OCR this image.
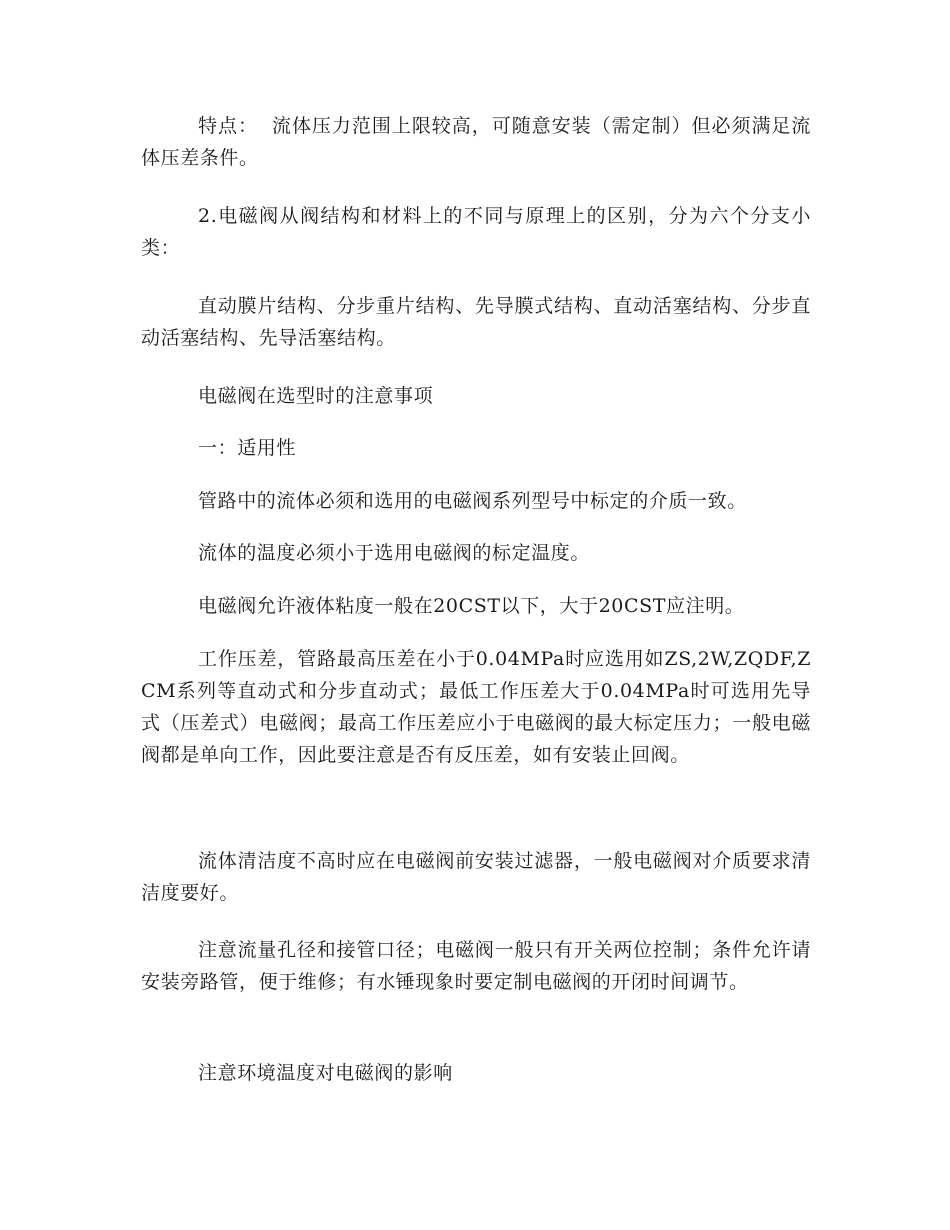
特点：  流体压力范围上限较高，可随意安装（需定制）但必须满足流体压差条件。

2.电磁阀从阀结构和材料上的不同与原理上的区别，分为六个分支小类：

直动膜片结构、分步重片结构、先导膜式结构、直动活塞结构、分步直动活塞结构、先导活塞结构。

电磁阀在选型时的注意事项

一：适用性

管路中的流体必须和选用的电磁阀系列型号中标定的介质一致。

流体的温度必须小于选用电磁阀的标定温度。

电磁阀允许液体粘度一般在20CST以下，大于20CST应注明。

工作压差，管路最高压差在小于0.04MPa时应选用如ZS,2W,ZQDF,ZCM系列等直动式和分步直动式；最低工作压差大于0.04MPa时可选用先导式（压差式）电磁阀；最高工作压差应小于电磁阀的最大标定压力；一般电磁阀都是单向工作，因此要注意是否有反压差，如有安装止回阀。

流体清洁度不高时应在电磁阀前安装过滤器，一般电磁阀对介质要求清洁度要好。

注意流量孔径和接管口径；电磁阀一般只有开关两位控制；条件允许请安装旁路管，便于维修；有水锤现象时要定制电磁阀的开闭时间调节。

注意环境温度对电磁阀的影响
